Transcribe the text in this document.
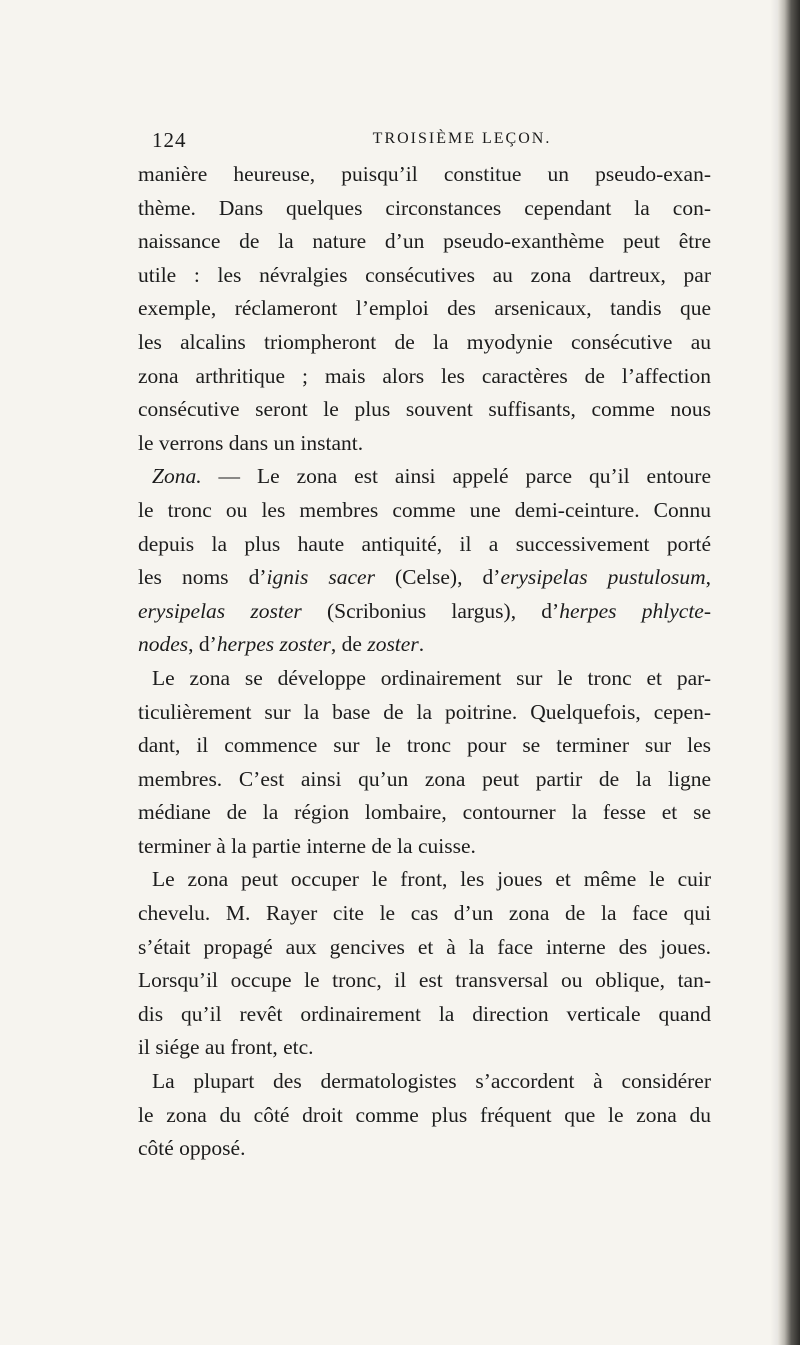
124	TROISIÈME LEÇON.
manière heureuse, puisqu’il constitue un pseudo-exan-
thème. Dans quelques circonstances cependant la con-
naissance de la nature d’un pseudo-exanthème peut être
utile : les névralgies consécutives au zona dartreux, par
exemple, réclameront l’emploi des arsenicaux, tandis que
les alcalins triompheront de la myodynie consécutive au
zona arthritique ; mais alors les caractères de l’affection
consécutive seront le plus souvent suffisants, comme nous
le verrons dans un instant.
Zona. — Le zona est ainsi appelé parce qu’il entoure
le tronc ou les membres comme une demi-ceinture. Connu
depuis la plus haute antiquité, il a successivement porté
les noms d’ignis sacer (Celse), d’erysipelas pustulosum,
erysipelas zoster (Scribonius largus), d’herpes phlycte-
nodes, d’herpes zoster, de zoster.
Le zona se développe ordinairement sur le tronc et par-
ticulièrement sur la base de la poitrine. Quelquefois, cepen-
dant, il commence sur le tronc pour se terminer sur les
membres. C’est ainsi qu’un zona peut partir de la ligne
médiane de la région lombaire, contourner la fesse et se
terminer à la partie interne de la cuisse.
Le zona peut occuper le front, les joues et même le cuir
chevelu. M. Rayer cite le cas d’un zona de la face qui
s’était propagé aux gencives et à la face interne des joues.
Lorsqu’il occupe le tronc, il est transversal ou oblique, tan-
dis qu’il revêt ordinairement la direction verticale quand
il siége au front, etc.
La plupart des dermatologistes s’accordent à considérer
le zona du côté droit comme plus fréquent que le zona du
côté opposé.
